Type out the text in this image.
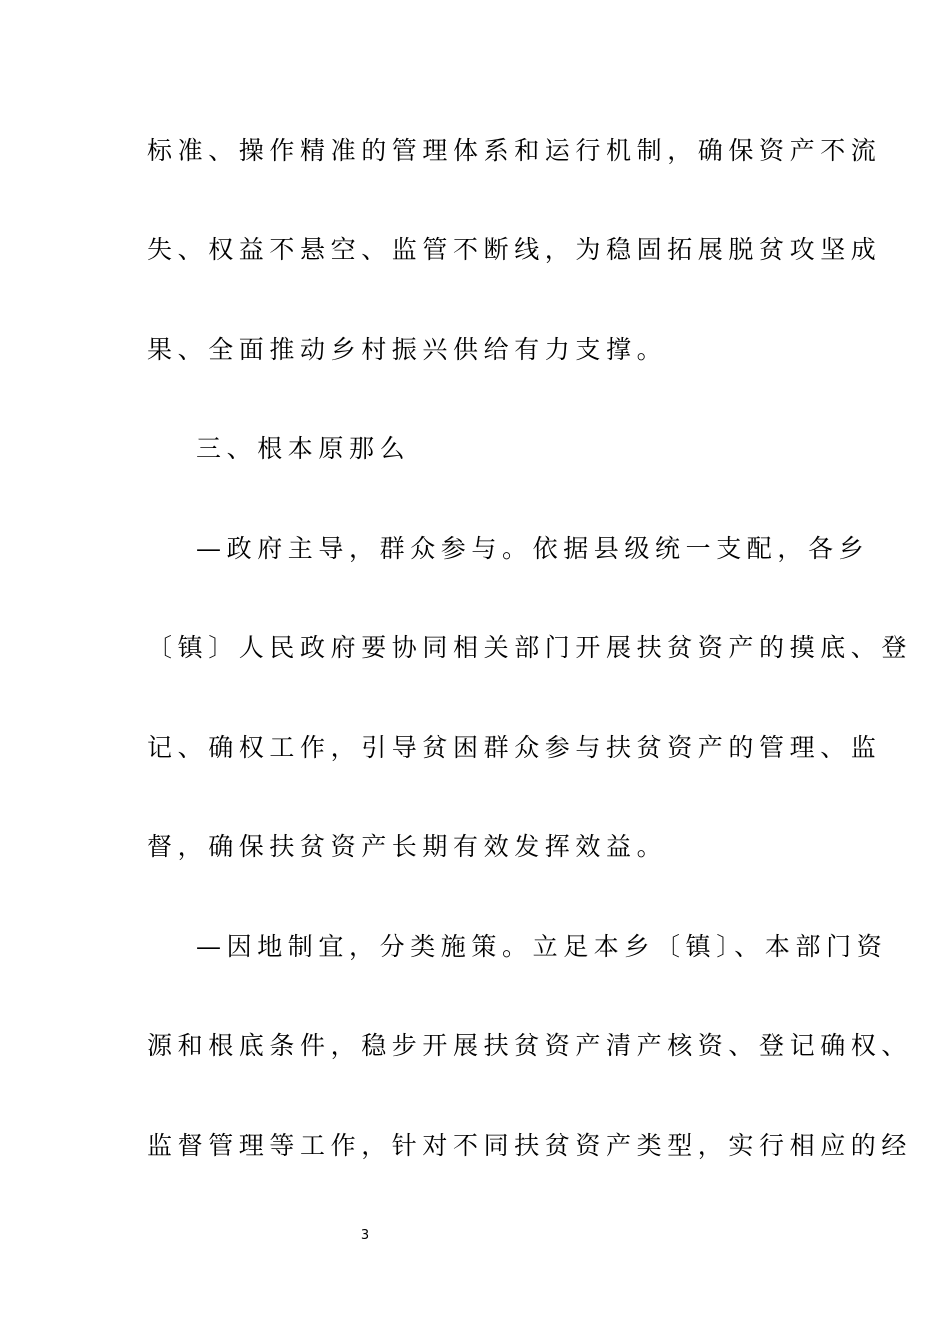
标准、操作精准的管理体系和运行机制，确保资产不流
失、权益不悬空、监管不断线，为稳固拓展脱贫攻坚成
果、全面推动乡村振兴供给有力支撑。
三、根本原那么
—政府主导，群众参与。依据县级统一支配，各乡
〔镇〕人民政府要协同相关部门开展扶贫资产的摸底、登
记、确权工作，引导贫困群众参与扶贫资产的管理、监
督，确保扶贫资产长期有效发挥效益。
—因地制宜，分类施策。立足本乡〔镇〕、本部门资
源和根底条件，稳步开展扶贫资产清产核资、登记确权、
监督管理等工作，针对不同扶贫资产类型，实行相应的经
3
